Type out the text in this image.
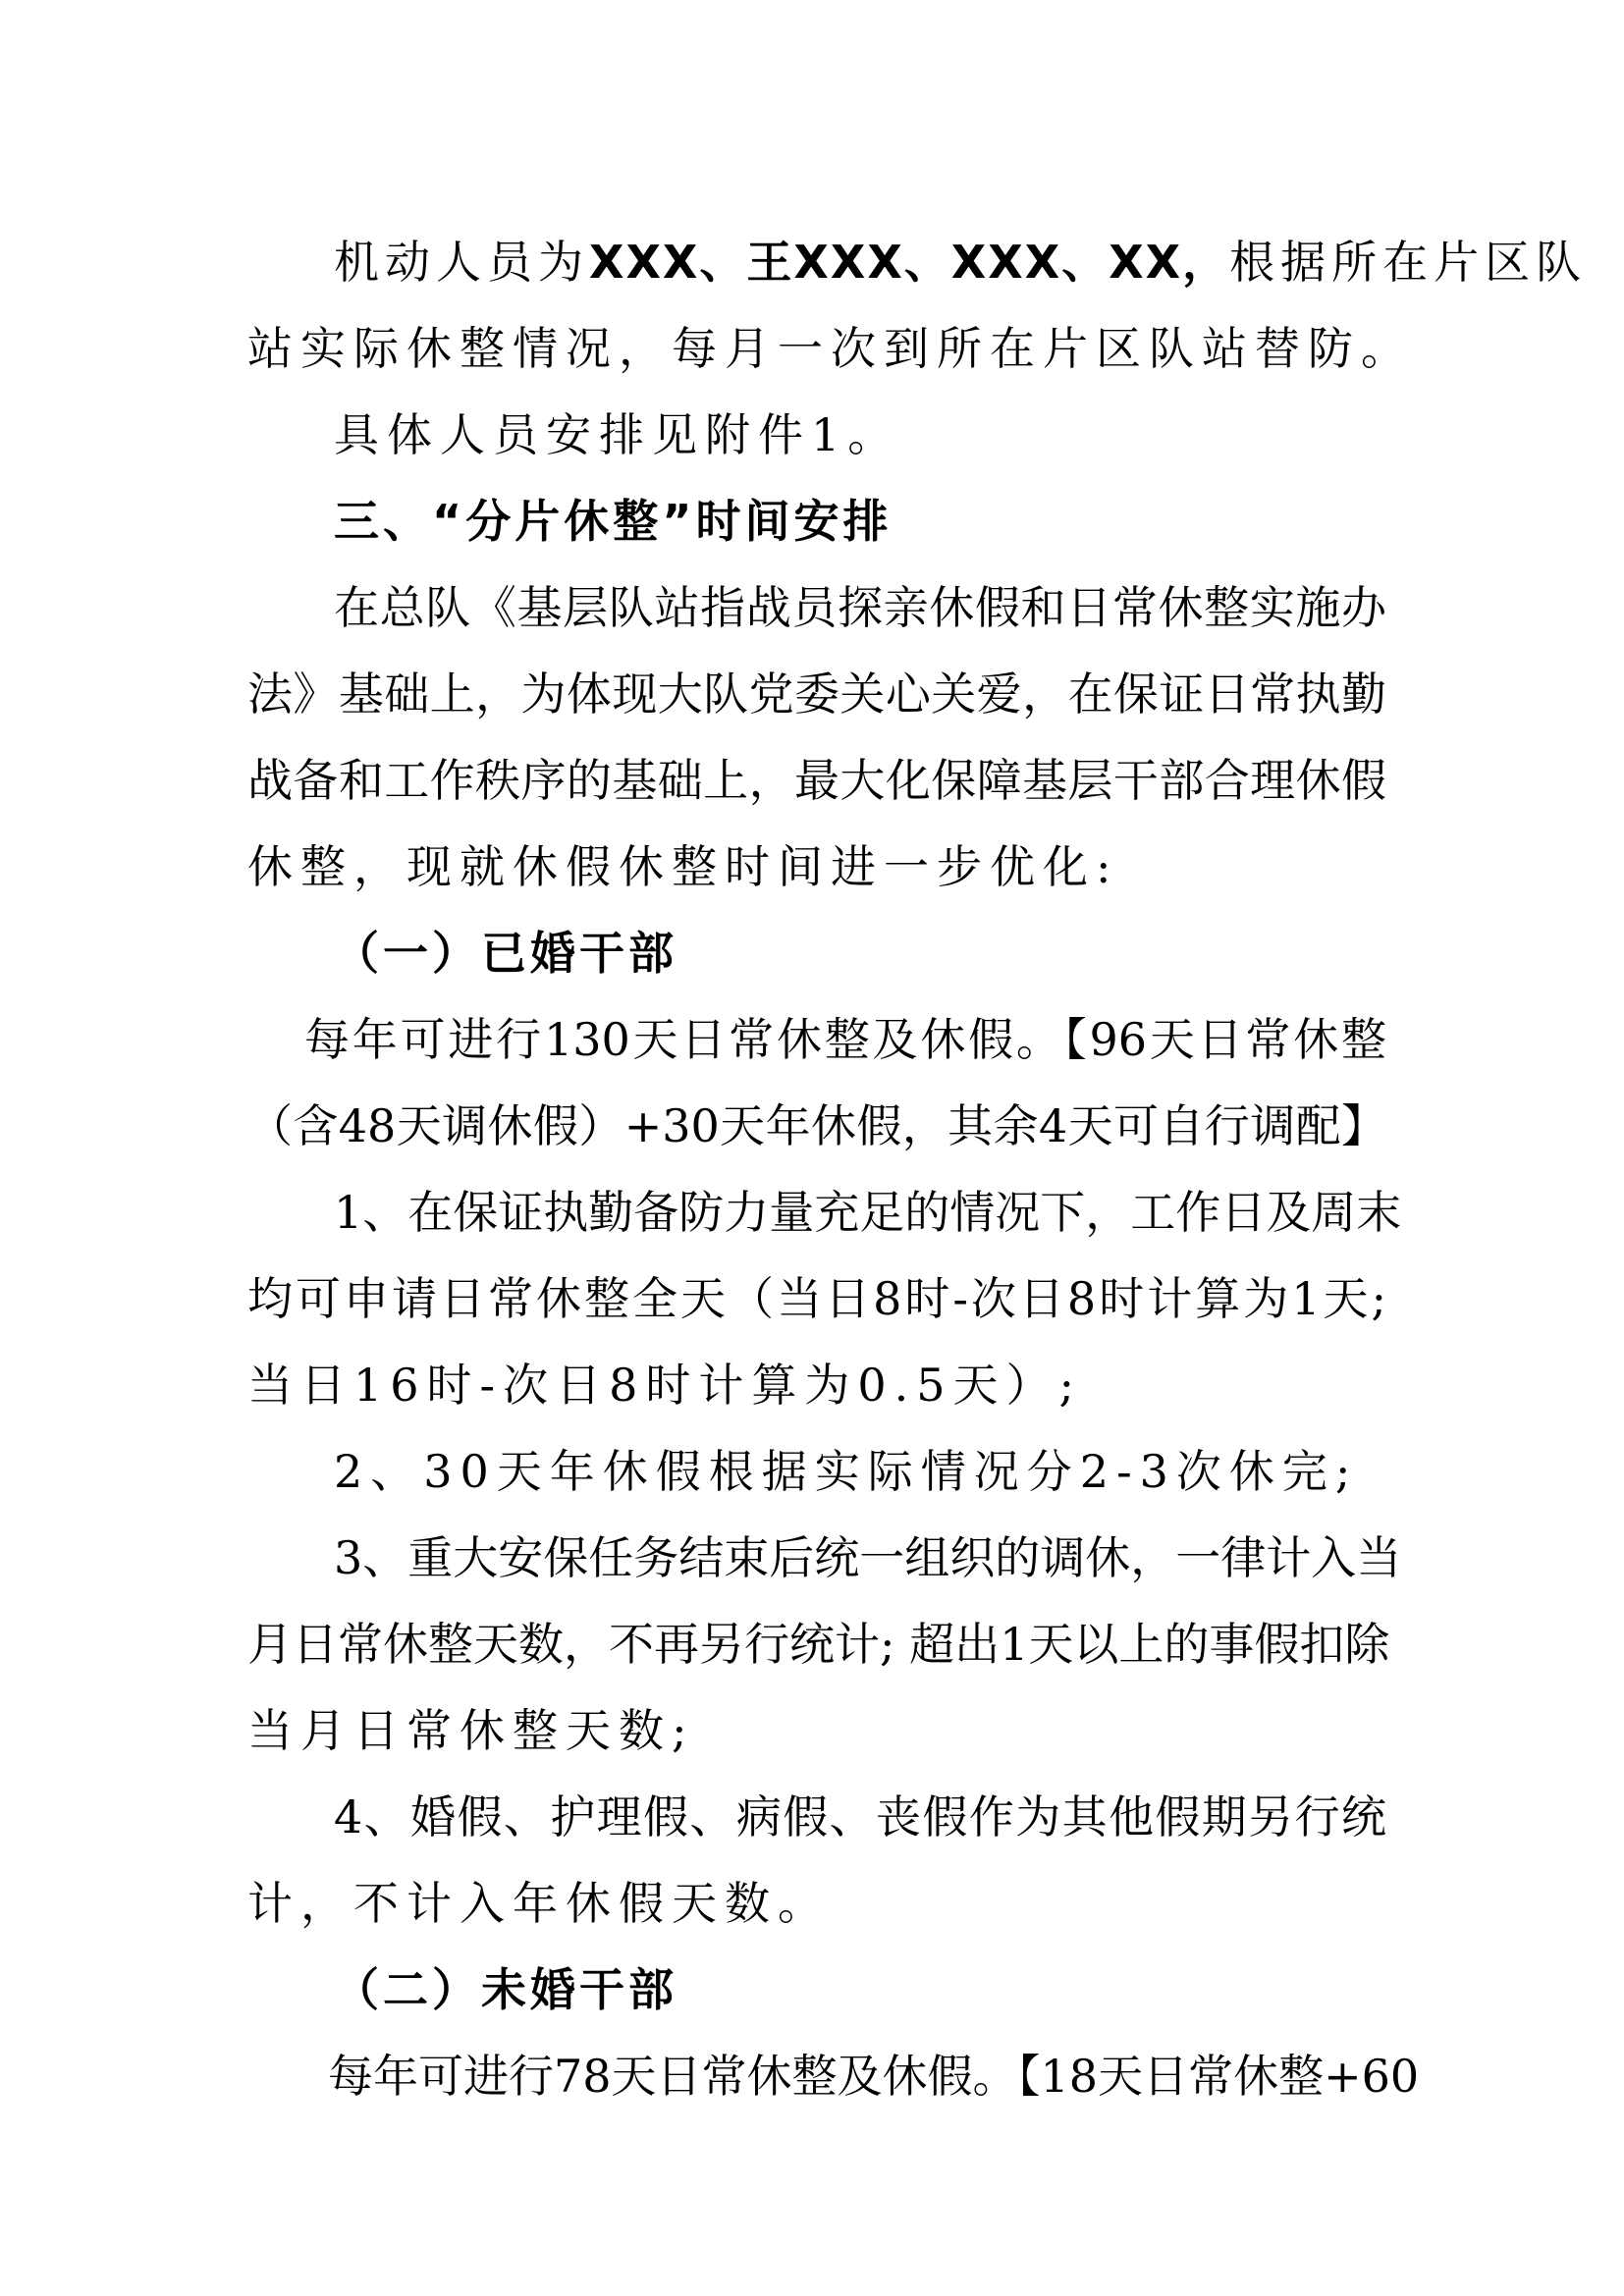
机动人员为XXX、王XXX、XXX、XX，根据所在片区队
站实际休整情况，每月一次到所在片区队站替防。
具体人员安排见附件1。
三、“分片休整”时间安排
在总队《基层队站指战员探亲休假和日常休整实施办
法》基础上，为体现大队党委关心关爱，在保证日常执勤
战备和工作秩序的基础上，最大化保障基层干部合理休假
休整，现就休假休整时间进一步优化:
（一）已婚干部
每年可进行130天日常休整及休假。【96天日常休整
（含48天调休假）+30天年休假，其余4天可自行调配】
1、在保证执勤备防力量充足的情况下，工作日及周末
均可申请日常休整全天（当日8时-次日8时计算为1天;
当日16时-次日8时计算为0.5天）;
2、30天年休假根据实际情况分2-3次休完;
3、重大安保任务结束后统一组织的调休，一律计入当
月日常休整天数，不再另行统计; 超出1天以上的事假扣除
当月日常休整天数;
4、婚假、护理假、病假、丧假作为其他假期另行统
计，不计入年休假天数。
（二）未婚干部
每年可进行78天日常休整及休假。【18天日常休整+60
